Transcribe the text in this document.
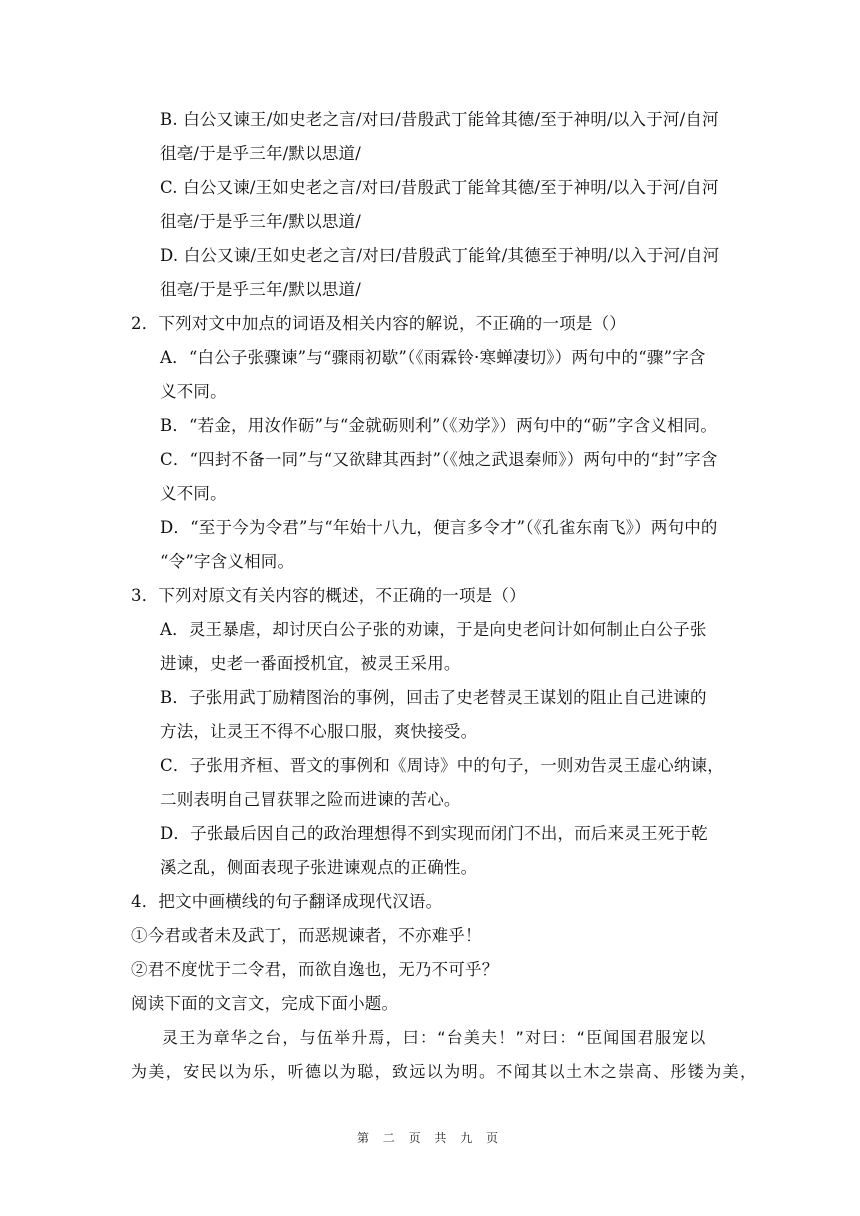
B. 白公又谏王/如史老之言/对曰/昔殷武丁能耸其德/至于神明/以入于河/自河
徂亳/于是乎三年/默以思道/
C. 白公又谏/王如史老之言/对曰/昔殷武丁能耸其德/至于神明/以入于河/自河
徂亳/于是乎三年/默以思道/
D. 白公又谏/王如史老之言/对曰/昔殷武丁能耸/其德至于神明/以入于河/自河
徂亳/于是乎三年/默以思道/
2．下列对文中加点的词语及相关内容的解说，不正确的一项是（）
A．“白公子张骤谏”与“骤雨初歇”（《雨霖铃·寒蝉凄切》）两句中的“骤”字含
义不同。
B．“若金，用汝作砺”与“金就砺则利”（《劝学》）两句中的“砺”字含义相同。
C．“四封不备一同”与“又欲肆其西封”（《烛之武退秦师》）两句中的“封”字含
义不同。
D．“至于今为令君”与“年始十八九，便言多令才”（《孔雀东南飞》）两句中的
“令”字含义相同。
3．下列对原文有关内容的概述，不正确的一项是（）
A．灵王暴虐，却讨厌白公子张的劝谏，于是向史老问计如何制止白公子张
进谏，史老一番面授机宜，被灵王采用。
B．子张用武丁励精图治的事例，回击了史老替灵王谋划的阻止自己进谏的
方法，让灵王不得不心服口服，爽快接受。
C．子张用齐桓、晋文的事例和《周诗》中的句子，一则劝告灵王虚心纳谏，
二则表明自己冒获罪之险而进谏的苦心。
D．子张最后因自己的政治理想得不到实现而闭门不出，而后来灵王死于乾
溪之乱，侧面表现子张进谏观点的正确性。
4．把文中画横线的句子翻译成现代汉语。
①今君或者未及武丁，而恶规谏者，不亦难乎！
②君不度忧于二令君，而欲自逸也，无乃不可乎？
阅读下面的文言文，完成下面小题。
灵王为章华之台，与伍举升焉，曰：“台美夫！”对曰：“臣闻国君服宠以
为美，安民以为乐，听德以为聪，致远以为明。不闻其以土木之崇高、彤镂为美，
第 二 页 共 九 页
